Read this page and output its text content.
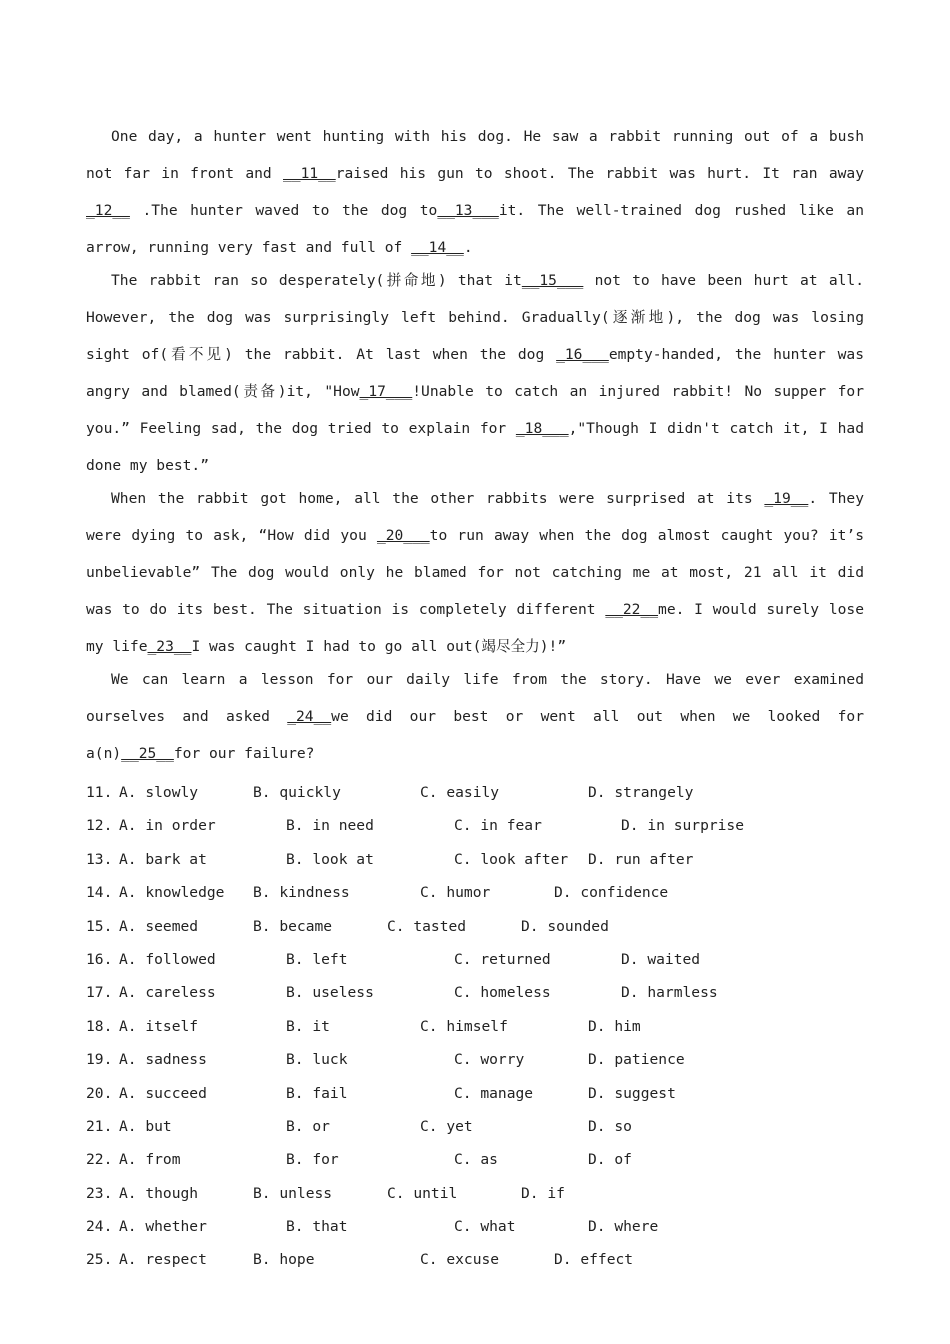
One day, a hunter went hunting with his dog. He saw a rabbit running out of a bush not far in front and __11__raised his gun to shoot. The rabbit was hurt. It ran away _12__ .The hunter waved to the dog to__13___it. The well-trained dog rushed like an arrow, running very fast and full of __14__.

The rabbit ran so desperately(拼命地) that it__15___ not to have been hurt at all. However, the dog was surprisingly left behind. Gradually(逐渐地), the dog was losing sight of(看不见) the rabbit. At last when the dog _16___empty-handed, the hunter was angry and blamed(责备)it, "How_17___!Unable to catch an injured rabbit! No supper for you.” Feeling sad, the dog tried to explain for _18___,"Though I didn't catch it, I had done my best.”

When the rabbit got home, all the other rabbits were surprised at its _19__. They were dying to ask, “How did you _20___to run away when the dog almost caught you? it’s unbelievable” The dog would only he blamed for not catching me at most, 21 all it did was to do its best. The situation is completely different __22__me. I would surely lose my life_23__I was caught I had to go all out(竭尽全力)!”

We can learn a lesson for our daily life from the story. Have we ever examined ourselves and asked _24__we did our best or went all out when we looked for a(n)__25__for our failure?

11. A. slowly	B. quickly	C. easily	D. strangely
12. A. in order	B. in need	C. in fear	D. in surprise
13. A. bark at	B. look at	C. look after D. run after
14. A. knowledge B. kindness	C. humor	D. confidence
15. A. seemed	B. became	C. tasted	D. sounded
16. A. followed	B. left	C. returned	D. waited
17. A. careless	B. useless	C. homeless	D. harmless
18. A. itself	B. it	C. himself	D. him
19. A. sadness	B. luck	C. worry	D. patience
20. A. succeed	B. fail	C. manage	D. suggest
21. A. but	B. or	C. yet	D. so
22. A. from	B. for	C. as	D. of
23. A. though	B. unless	C. until	D. if
24. A. whether	B. that	C. what	D. where
25. A. respect	B. hope	C. excuse	D. effect
